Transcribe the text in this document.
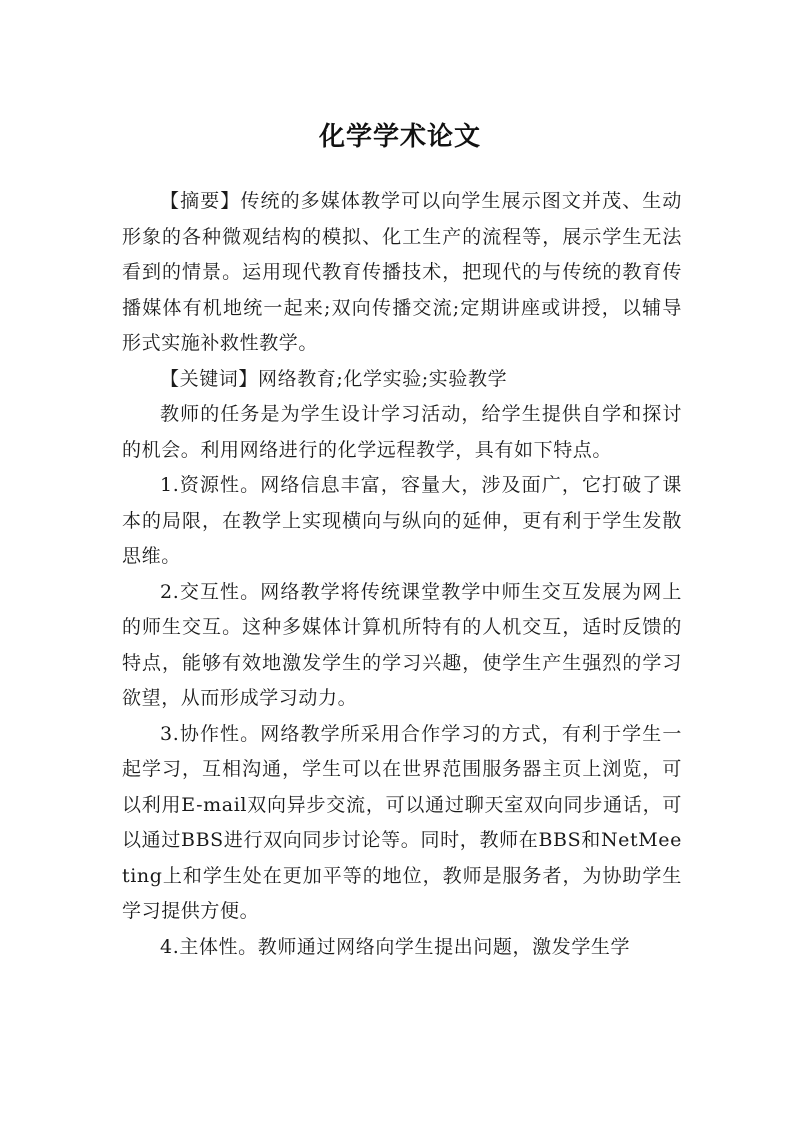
化学学术论文

【摘要】传统的多媒体教学可以向学生展示图文并茂、生动形象的各种微观结构的模拟、化工生产的流程等，展示学生无法看到的情景。运用现代教育传播技术，把现代的与传统的教育传播媒体有机地统一起来;双向传播交流;定期讲座或讲授，以辅导形式实施补救性教学。

【关键词】网络教育;化学实验;实验教学

教师的任务是为学生设计学习活动，给学生提供自学和探讨的机会。利用网络进行的化学远程教学，具有如下特点。

1.资源性。网络信息丰富，容量大，涉及面广，它打破了课本的局限，在教学上实现横向与纵向的延伸，更有利于学生发散思维。

2.交互性。网络教学将传统课堂教学中师生交互发展为网上的师生交互。这种多媒体计算机所特有的人机交互，适时反馈的特点，能够有效地激发学生的学习兴趣，使学生产生强烈的学习欲望，从而形成学习动力。

3.协作性。网络教学所采用合作学习的方式，有利于学生一起学习，互相沟通，学生可以在世界范围服务器主页上浏览，可以利用E-mail双向异步交流，可以通过聊天室双向同步通话，可以通过BBS进行双向同步讨论等。同时，教师在BBS和NetMeeting上和学生处在更加平等的地位，教师是服务者，为协助学生学习提供方便。

4.主体性。教师通过网络向学生提出问题，激发学生学
